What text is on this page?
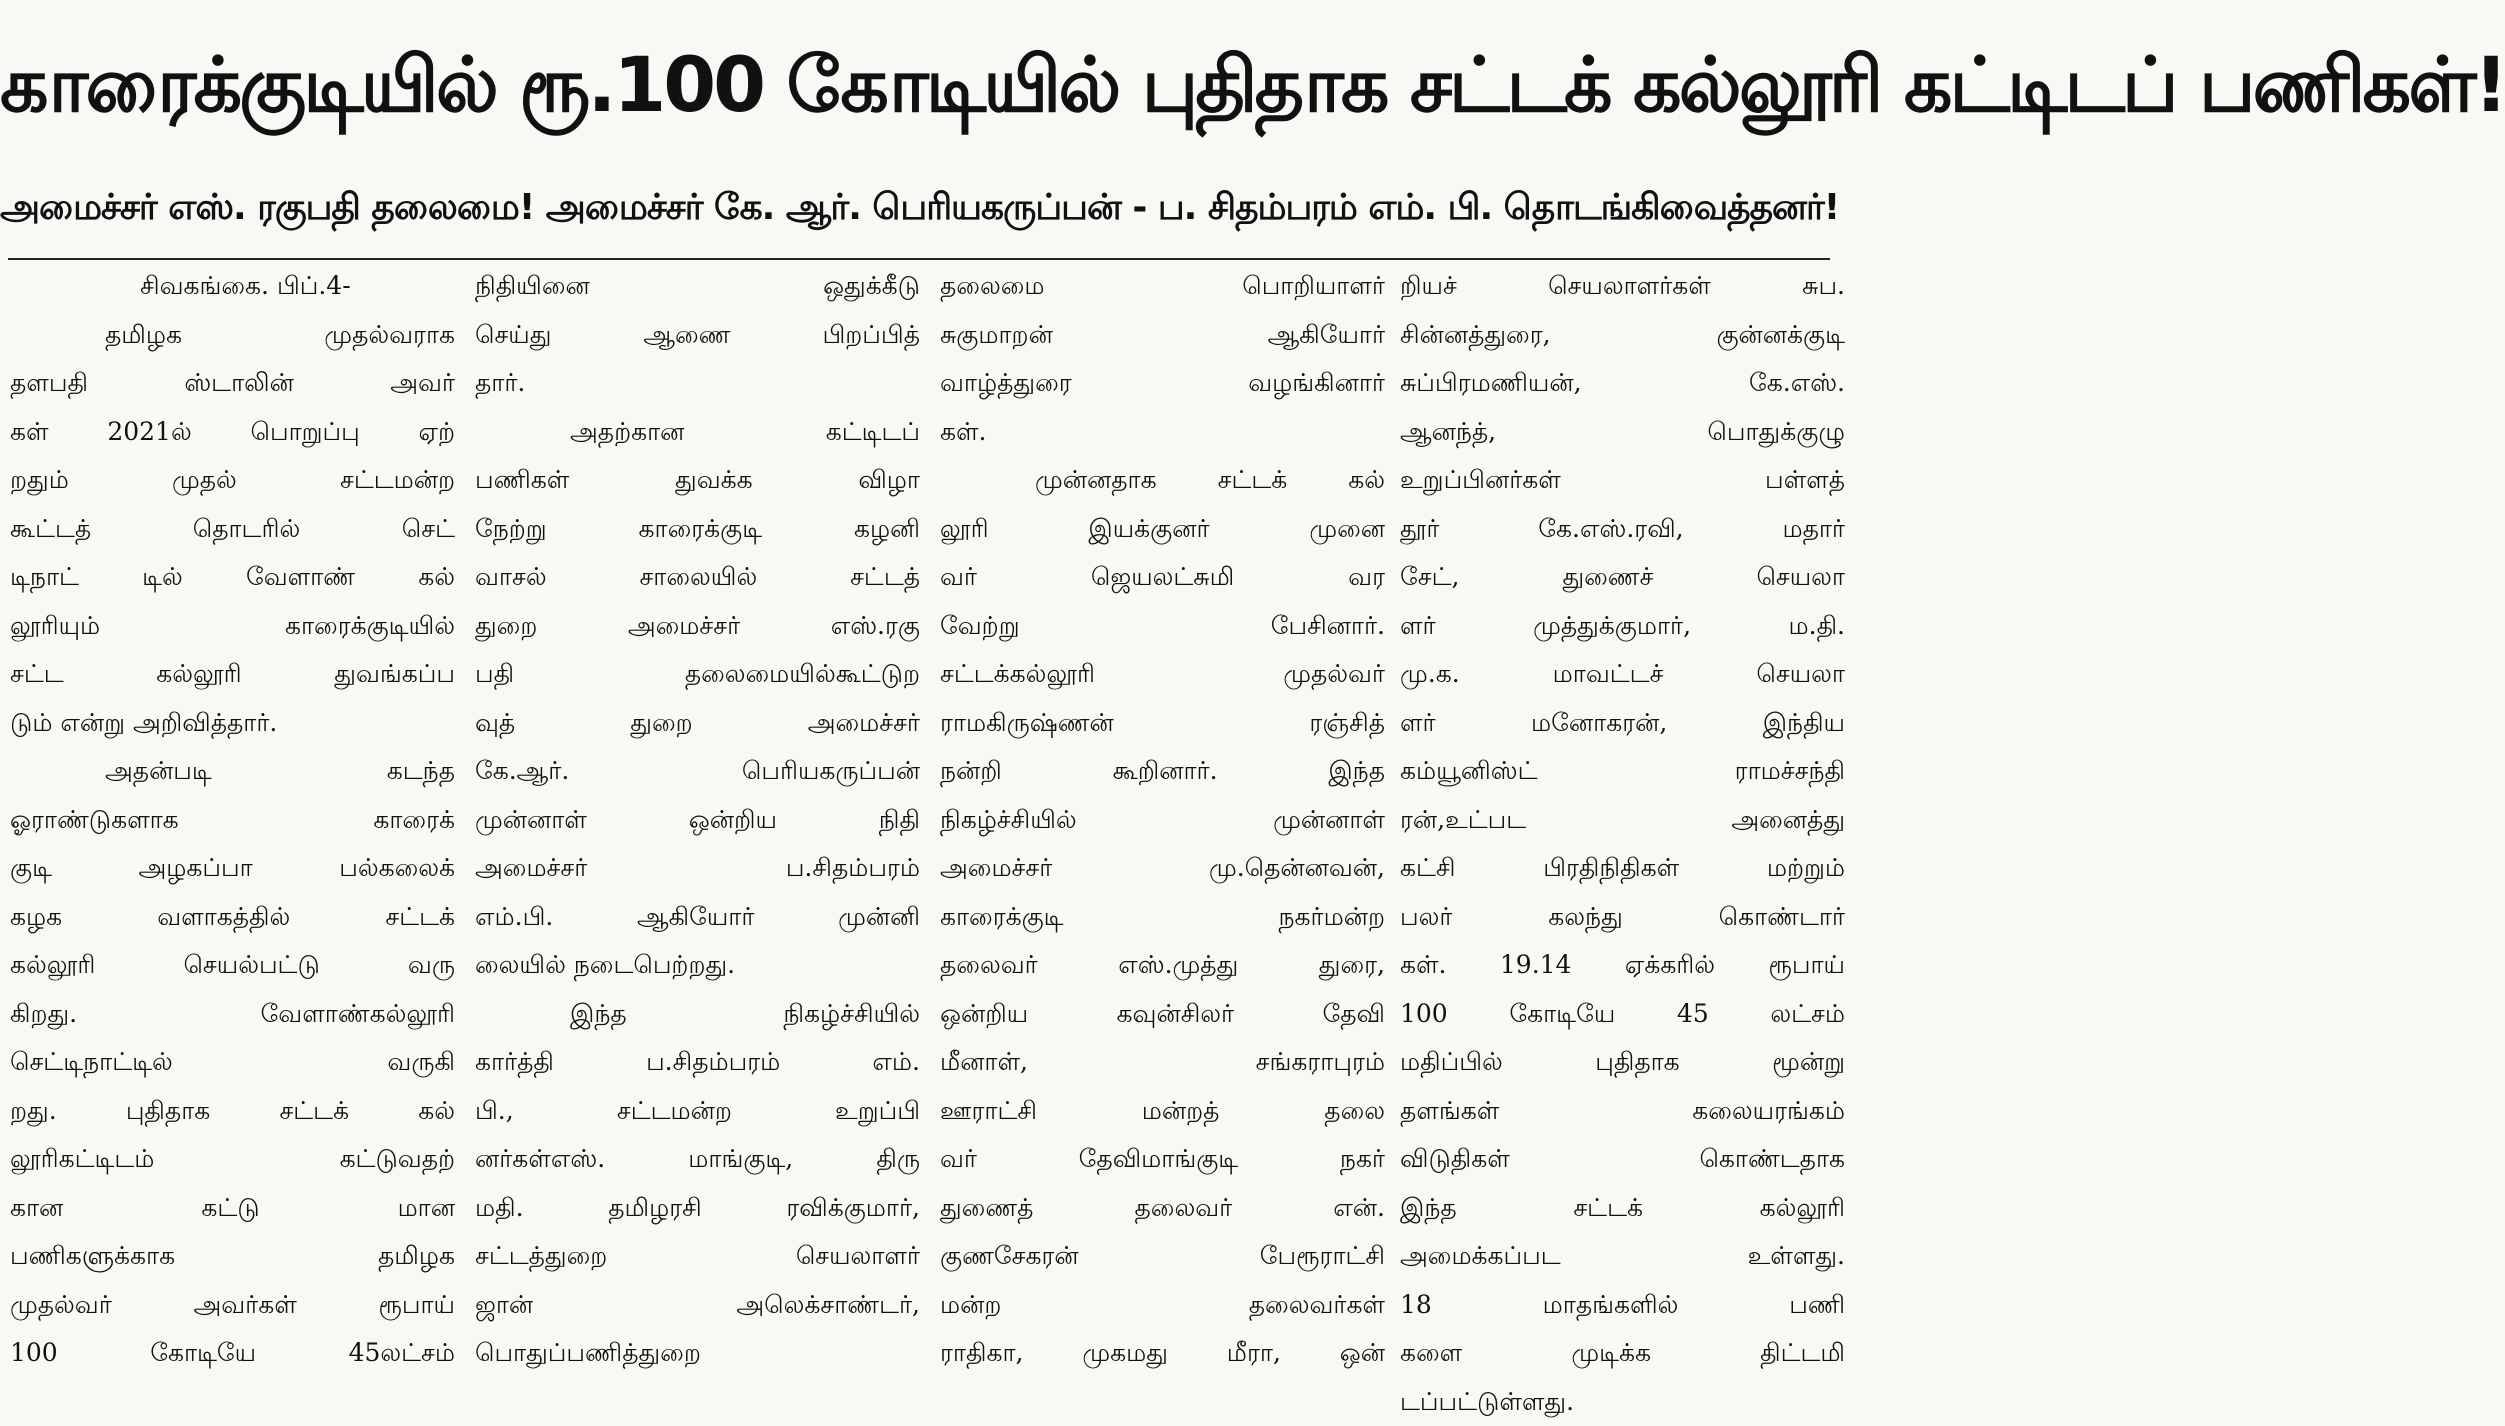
காரைக்குடியில் ரூ.100 கோடியில் புதிதாக சட்டக் கல்லூரி கட்டிடப் பணிகள்!
அமைச்சர் எஸ். ரகுபதி தலைமை! அமைச்சர் கே. ஆர். பெரியகருப்பன் - ப. சிதம்பரம் எம். பி. தொடங்கிவைத்தனர்!
சிவகங்கை. பிப்.4-
தமிழக முதல்வராக
தளபதி ஸ்டாலின் அவர்
கள் 2021ல் பொறுப்பு ஏற்
றதும் முதல் சட்டமன்ற
கூட்டத் தொடரில் செட்
டிநாட் டில் வேளாண் கல்
லூரியும் காரைக்குடியில்
சட்ட கல்லூரி துவங்கப்ப
டும் என்று அறிவித்தார்.
அதன்படி கடந்த
ஓராண்டுகளாக காரைக்
குடி அழகப்பா பல்கலைக்
கழக வளாகத்தில் சட்டக்
கல்லூரி செயல்பட்டு வரு
கிறது. வேளாண்கல்லூரி
செட்டிநாட்டில் வருகி
றது. புதிதாக சட்டக் கல்
லூரிகட்டிடம் கட்டுவதற்
கான கட்டு மான
பணிகளுக்காக தமிழக
முதல்வர் அவர்கள் ரூபாய்
100 கோடியே 45லட்சம்
நிதியினை ஒதுக்கீடு
செய்து ஆணை பிறப்பித்
தார்.
அதற்கான கட்டிடப்
பணிகள் துவக்க விழா
நேற்று காரைக்குடி கழனி
வாசல் சாலையில் சட்டத்
துறை அமைச்சர் எஸ்.ரகு
பதி தலைமையில்கூட்டுற
வுத் துறை அமைச்சர்
கே.ஆர். பெரியகருப்பன்
முன்னாள் ஒன்றிய நிதி
அமைச்சர் ப.சிதம்பரம்
எம்.பி. ஆகியோர் முன்னி
லையில் நடைபெற்றது.
இந்த நிகழ்ச்சியில்
கார்த்தி ப.சிதம்பரம் எம்.
பி., சட்டமன்ற உறுப்பி
னர்கள்எஸ். மாங்குடி, திரு
மதி. தமிழரசி ரவிக்குமார்,
சட்டத்துறை செயலாளர்
ஜான் அலெக்சாண்டர்,
பொதுப்பணித்துறை
தலைமை பொறியாளர்
சுகுமாறன் ஆகியோர்
வாழ்த்துரை வழங்கினார்
கள்.
முன்னதாக சட்டக் கல்
லூரி இயக்குனர் முனை
வர் ஜெயலட்சுமி வர
வேற்று பேசினார்.
சட்டக்கல்லூரி முதல்வர்
ராமகிருஷ்ணன் ரஞ்சித்
நன்றி கூறினார். இந்த
நிகழ்ச்சியில் முன்னாள்
அமைச்சர் மு.தென்னவன்,
காரைக்குடி நகர்மன்ற
தலைவர் எஸ்.முத்து துரை,
ஒன்றிய கவுன்சிலர் தேவி
மீனாள், சங்கராபுரம்
ஊராட்சி மன்றத் தலை
வர் தேவிமாங்குடி நகர்
துணைத் தலைவர் என்.
குணசேகரன் பேரூராட்சி
மன்ற தலைவர்கள்
ராதிகா, முகமது மீரா, ஒன்
றியச் செயலாளர்கள் சுப.
சின்னத்துரை, குன்னக்குடி
சுப்பிரமணியன், கே.எஸ்.
ஆனந்த், பொதுக்குழு
உறுப்பினர்கள் பள்ளத்
தூர் கே.எஸ்.ரவி, மதார்
சேட், துணைச் செயலா
ளர் முத்துக்குமார், ம.தி.
மு.க. மாவட்டச் செயலா
ளர் மனோகரன், இந்திய
கம்யூனிஸ்ட் ராமச்சந்தி
ரன்,உட்பட அனைத்து
கட்சி பிரதிநிதிகள் மற்றும்
பலர் கலந்து கொண்டார்
கள். 19.14 ஏக்கரில் ரூபாய்
100 கோடியே 45 லட்சம்
மதிப்பில் புதிதாக மூன்று
தளங்கள் கலையரங்கம்
விடுதிகள் கொண்டதாக
இந்த சட்டக் கல்லூரி
அமைக்கப்பட உள்ளது.
18 மாதங்களில் பணி
களை முடிக்க திட்டமி
டப்பட்டுள்ளது.
